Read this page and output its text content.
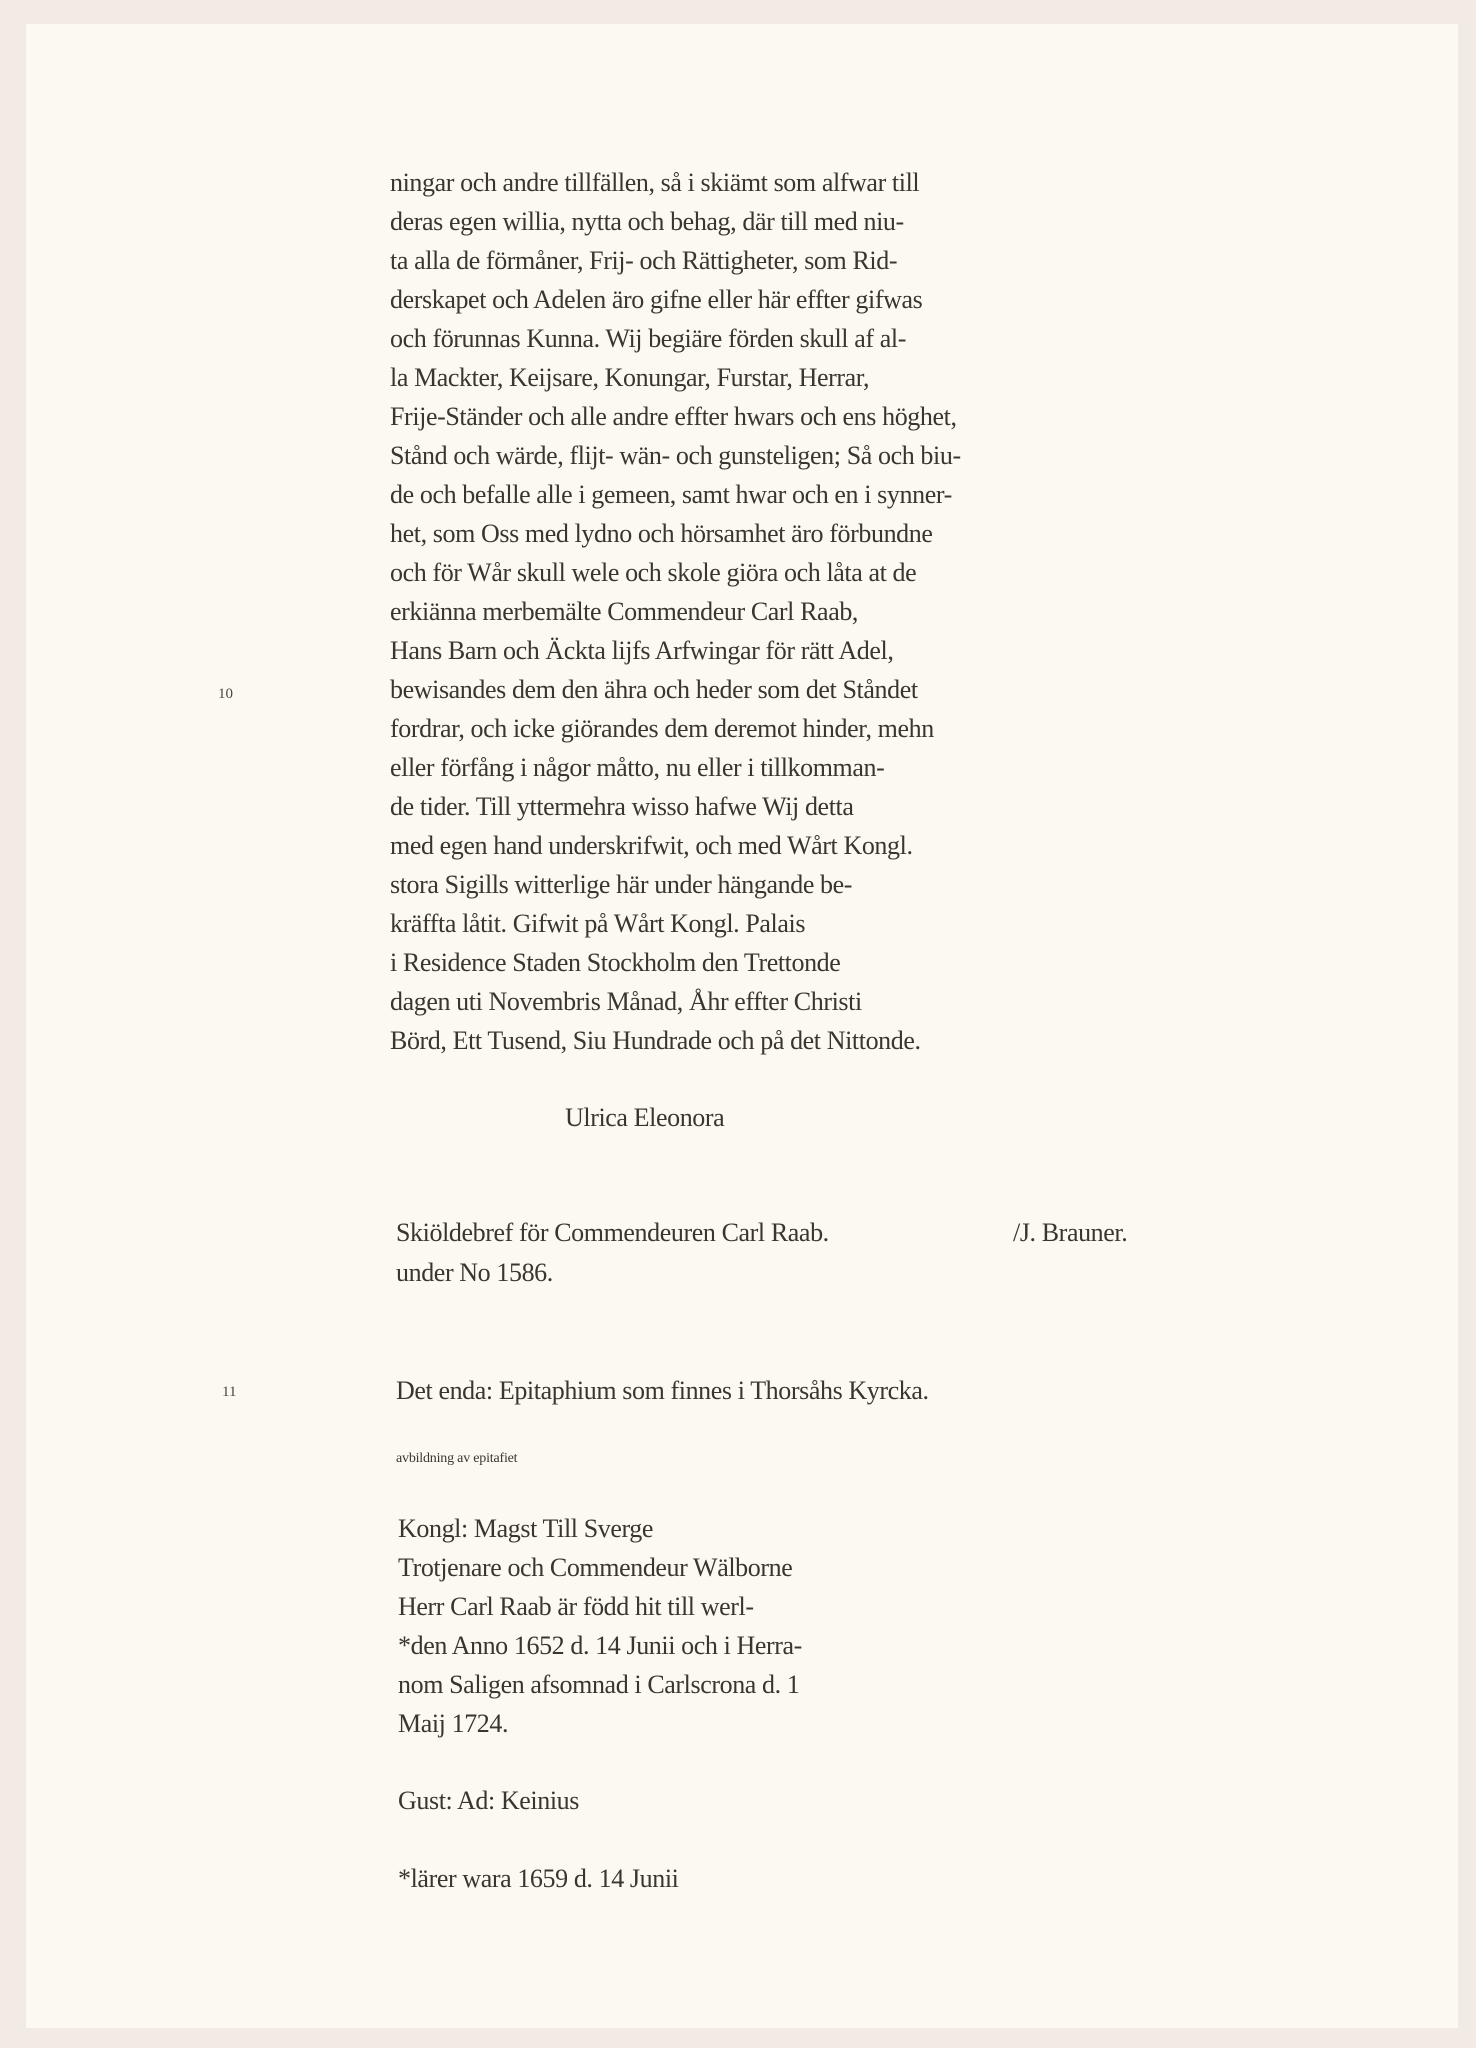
ningar och andre tillfällen, så i skiämt som alfwar till
deras egen willia, nytta och behag, där till med niu-
ta alla de förmåner, Frij- och Rättigheter, som Rid-
derskapet och Adelen äro gifne eller här effter gifwas
och förunnas Kunna. Wij begiäre förden skull af al-
la Mackter, Keijsare, Konungar, Furstar, Herrar,
Frije-Ständer och alle andre effter hwars och ens höghet,
Stånd och wärde, flijt- wän- och gunsteligen; Så och biu-
de och befalle alle i gemeen, samt hwar och en i synner-
het, som Oss med lydno och hörsamhet äro förbundne
och för Wår skull wele och skole giöra och låta at de
erkiänna merbemälte Commendeur Carl Raab,
Hans Barn och Äckta lijfs Arfwingar för rätt Adel,
bewisandes dem den ähra och heder som det Ståndet
fordrar, och icke giörandes dem deremot hinder, mehn
eller förfång i någor måtto, nu eller i tillkomman-
de tider. Till yttermehra wisso hafwe Wij detta
med egen hand underskrifwit, och med Wårt Kongl.
stora Sigills witterlige här under hängande be-
kräffta låtit. Gifwit på Wårt Kongl. Palais
i Residence Staden Stockholm den Trettonde
dagen uti Novembris Månad, Åhr effter Christi
Börd, Ett Tusend, Siu Hundrade och på det Nittonde.
10
Ulrica Eleonora
Skiöldebref för Commendeuren Carl Raab.	/J. Brauner.
under No 1586.
11	Det enda: Epitaphium som finnes i Thorsåhs Kyrcka.
avbildning av epitafiet
Kongl: Magst Till Sverge
Trotjenare och Commendeur Wälborne
Herr Carl Raab är född hit till werl-
*den Anno 1652 d. 14 Junii och i Herra-
nom Saligen afsomnad i Carlscrona d. 1
Maij 1724.
Gust: Ad: Keinius
*lärer wara 1659 d. 14 Junii
